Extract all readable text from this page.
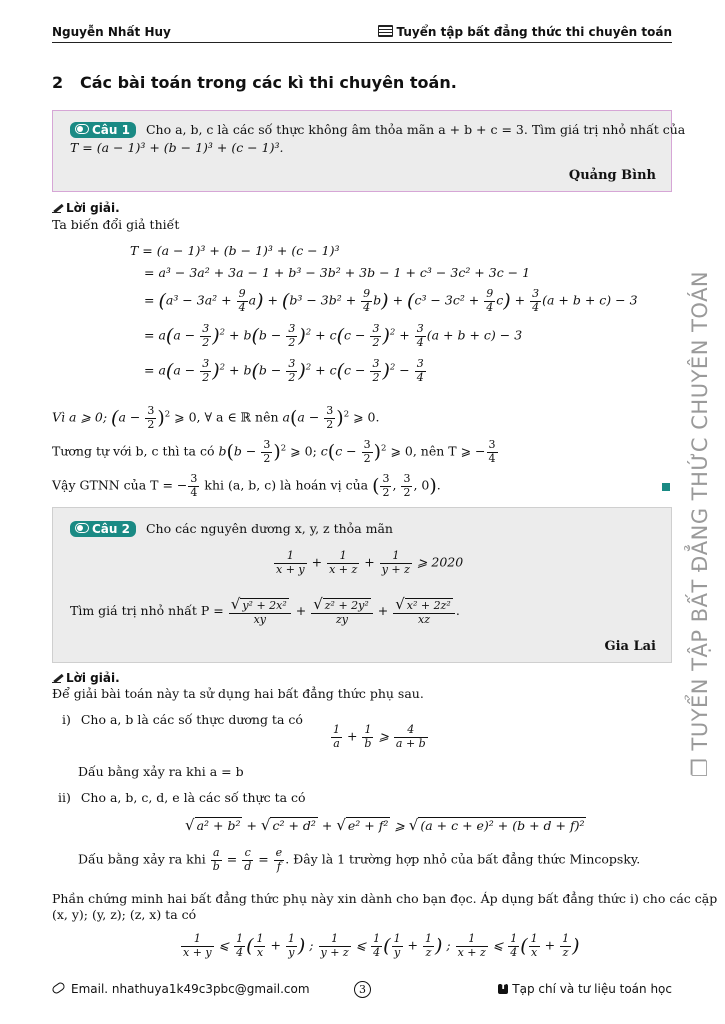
Nguyễn Nhất Huy	Tuyển tập bất đẳng thức thi chuyên toán
2 Các bài toán trong các kì thi chuyên toán.
Câu 1 Cho a, b, c là các số thực không âm thỏa mãn a + b + c = 3. Tìm giá trị nhỏ nhất của
T = (a − 1)³ + (b − 1)³ + (c − 1)³.
Quảng Bình
Lời giải.
Ta biến đổi giả thiết
T = (a − 1)³ + (b − 1)³ + (c − 1)³
= a³ − 3a² + 3a − 1 + b³ − 3b² + 3b − 1 + c³ − 3c² + 3c − 1
= $(a^3 - 3a^2 + \frac{9}{4} a) + (b^3 - 3b^2 + \frac{9}{4} b) + (c^3 - 3c^2 + \frac{9}{4} c) + \frac{3}{4} (a + b + c) - 3$
= $a(a - \frac{3}{2} )^2 + b(b - \frac{3}{2} )^2 + c(c - \frac{3}{2} )^2 + \frac{3}{4} (a + b + c) - 3$
= $a(a - \frac{3}{2} )^2 + b(b - \frac{3}{2} )^2 + c(c - \frac{3}{2} )^2 - \frac{3}{4}$
Vì a ⩾ 0; $(a - \frac{3}{2} )^2$ ⩾ 0, ∀ a ∈ ℝ nên $a(a - \frac{3}{2} )^2$ ⩾ 0.
Tương tự với b, c thì ta có $b(b - \frac{3}{2} )^2$ ⩾ 0; $c(c - \frac{3}{2} )^2$ ⩾ 0, nên T ⩾ − $\frac{3}{4}$
Vậy GTNN của T = − $\frac{3}{4}$ khi (a, b, c) là hoán vị của ( $\frac{3}{2}$ , $\frac{3}{2}$ , 0).
Câu 2 Cho các nguyên dương x, y, z thỏa mãn
$\frac{1}{x + y} + \frac{1}{x + z} + \frac{1}{y + z}$ ⩾ 2020
Tìm giá trị nhỏ nhất $P = \frac{\text{√ y² + 2x²}}{xy} + \frac{\text{√ z² + 2y²}}{zy} + \frac{\text{√ x² + 2z²}}{xz}$ .
Gia Lai
Lời giải.
Để giải bài toán này ta sử dụng hai bất đẳng thức phụ sau.
i) Cho a, b là các số thực dương ta có
$\frac{1}{a} + \frac{1}{b}$ ⩾ $\frac{4}{a + b}$
Dấu bằng xảy ra khi a = b
ii) Cho a, b, c, d, e là các số thực ta có
√ a² + b² + √ c² + d² + √ e² + f² ⩾ √ (a + c + e)² + (b + d + f)²
Dấu bằng xảy ra khi $\frac{a}{b} = \frac{c}{d} = \frac{e}{f}$ . Đây là 1 trường hợp nhỏ của bất đẳng thức Mincopsky.
Phần chứng minh hai bất đẳng thức phụ này xin dành cho bạn đọc. Áp dụng bất đẳng thức i) cho các cặp
(x, y); (y, z); (z, x) ta có
$\frac{1}{x + y}$ ⩽ $\frac{1}{4}$ ( $\frac{1}{x} + \frac{1}{y}$ ) ; $\frac{1}{y + z}$ ⩽ $\frac{1}{4}$ ( $\frac{1}{y} + \frac{1}{z}$ ) ; $\frac{1}{x + z}$ ⩽ $\frac{1}{4}$ ( $\frac{1}{x} + \frac{1}{z}$ )
❐ TUYỂN TẬP BẤT ĐẲNG THỨC CHUYÊN TOÁN
Email. nhathuya1k49c3pbc@gmail.com	3
f	Tạp chí và tư liệu toán học
